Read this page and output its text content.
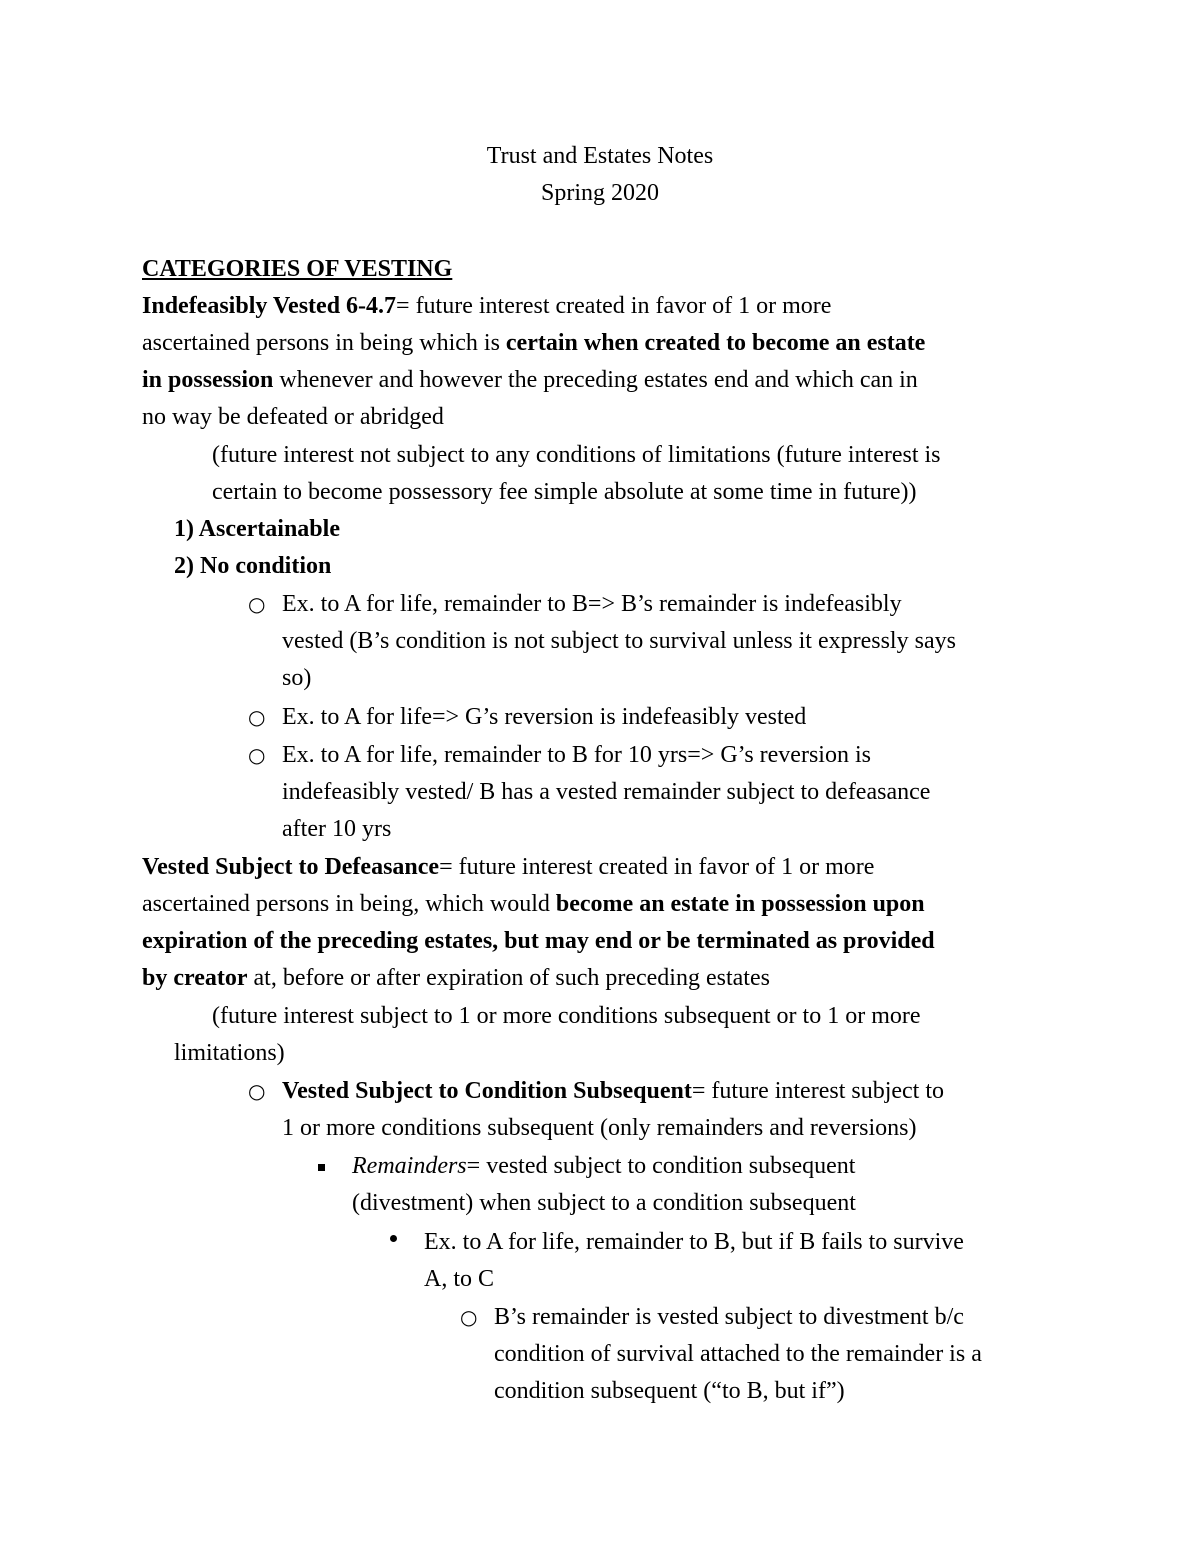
Trust and Estates Notes
Spring 2020
CATEGORIES OF VESTING
Indefeasibly Vested 6-4.7= future interest created in favor of 1 or more
ascertained persons in being which is certain when created to become an estate
in possession whenever and however the preceding estates end and which can in
no way be defeated or abridged
(future interest not subject to any conditions of limitations (future interest is
certain to become possessory fee simple absolute at some time in future))
1) Ascertainable
2) No condition
○ Ex. to A for life, remainder to B=> B’s remainder is indefeasibly
vested (B’s condition is not subject to survival unless it expressly says
so)
○ Ex. to A for life=> G’s reversion is indefeasibly vested
○ Ex. to A for life, remainder to B for 10 yrs=> G’s reversion is
indefeasibly vested/ B has a vested remainder subject to defeasance
after 10 yrs
Vested Subject to Defeasance= future interest created in favor of 1 or more
ascertained persons in being, which would become an estate in possession upon
expiration of the preceding estates, but may end or be terminated as provided
by creator at, before or after expiration of such preceding estates
(future interest subject to 1 or more conditions subsequent or to 1 or more
limitations)
○ Vested Subject to Condition Subsequent= future interest subject to
1 or more conditions subsequent (only remainders and reversions)
Remainders= vested subject to condition subsequent
(divestment) when subject to a condition subsequent
Ex. to A for life, remainder to B, but if B fails to survive
A, to C
○ B’s remainder is vested subject to divestment b/c
condition of survival attached to the remainder is a
condition subsequent (“to B, but if”)
